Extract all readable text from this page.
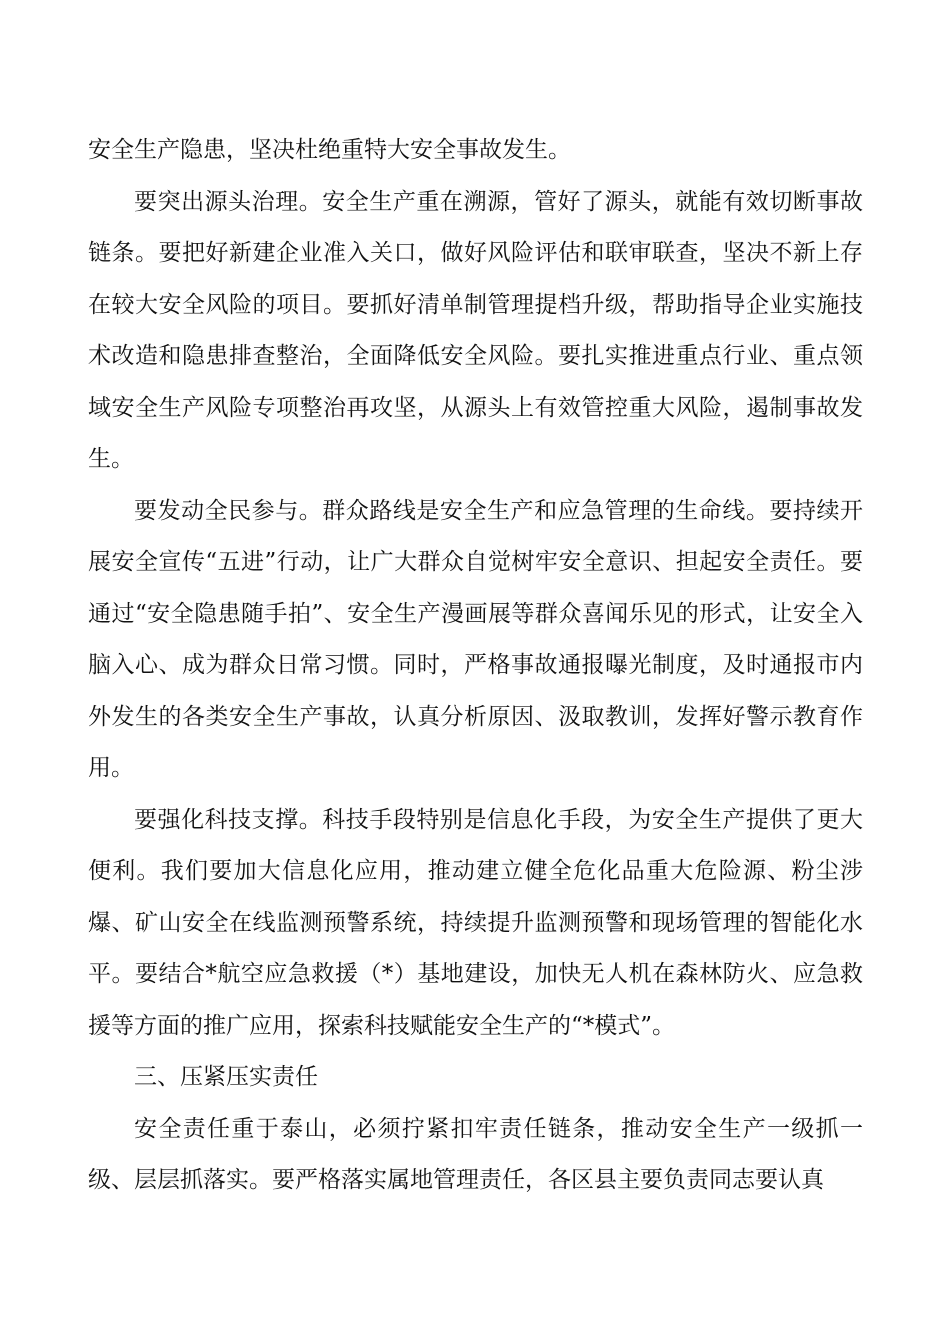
安全生产隐患，坚决杜绝重特大安全事故发生。

要突出源头治理。安全生产重在溯源，管好了源头，就能有效切断事故链条。要把好新建企业准入关口，做好风险评估和联审联查，坚决不新上存在较大安全风险的项目。要抓好清单制管理提档升级，帮助指导企业实施技术改造和隐患排查整治，全面降低安全风险。要扎实推进重点行业、重点领域安全生产风险专项整治再攻坚，从源头上有效管控重大风险，遏制事故发生。

要发动全民参与。群众路线是安全生产和应急管理的生命线。要持续开展安全宣传“五进”行动，让广大群众自觉树牢安全意识、担起安全责任。要通过“安全隐患随手拍”、安全生产漫画展等群众喜闻乐见的形式，让安全入脑入心、成为群众日常习惯。同时，严格事故通报曝光制度，及时通报市内外发生的各类安全生产事故，认真分析原因、汲取教训，发挥好警示教育作用。

要强化科技支撑。科技手段特别是信息化手段，为安全生产提供了更大便利。我们要加大信息化应用，推动建立健全危化品重大危险源、粉尘涉爆、矿山安全在线监测预警系统，持续提升监测预警和现场管理的智能化水平。要结合*航空应急救援（*）基地建设，加快无人机在森林防火、应急救援等方面的推广应用，探索科技赋能安全生产的“*模式”。

三、压紧压实责任

安全责任重于泰山，必须拧紧扣牢责任链条，推动安全生产一级抓一级、层层抓落实。要严格落实属地管理责任，各区县主要负责同志要认真
